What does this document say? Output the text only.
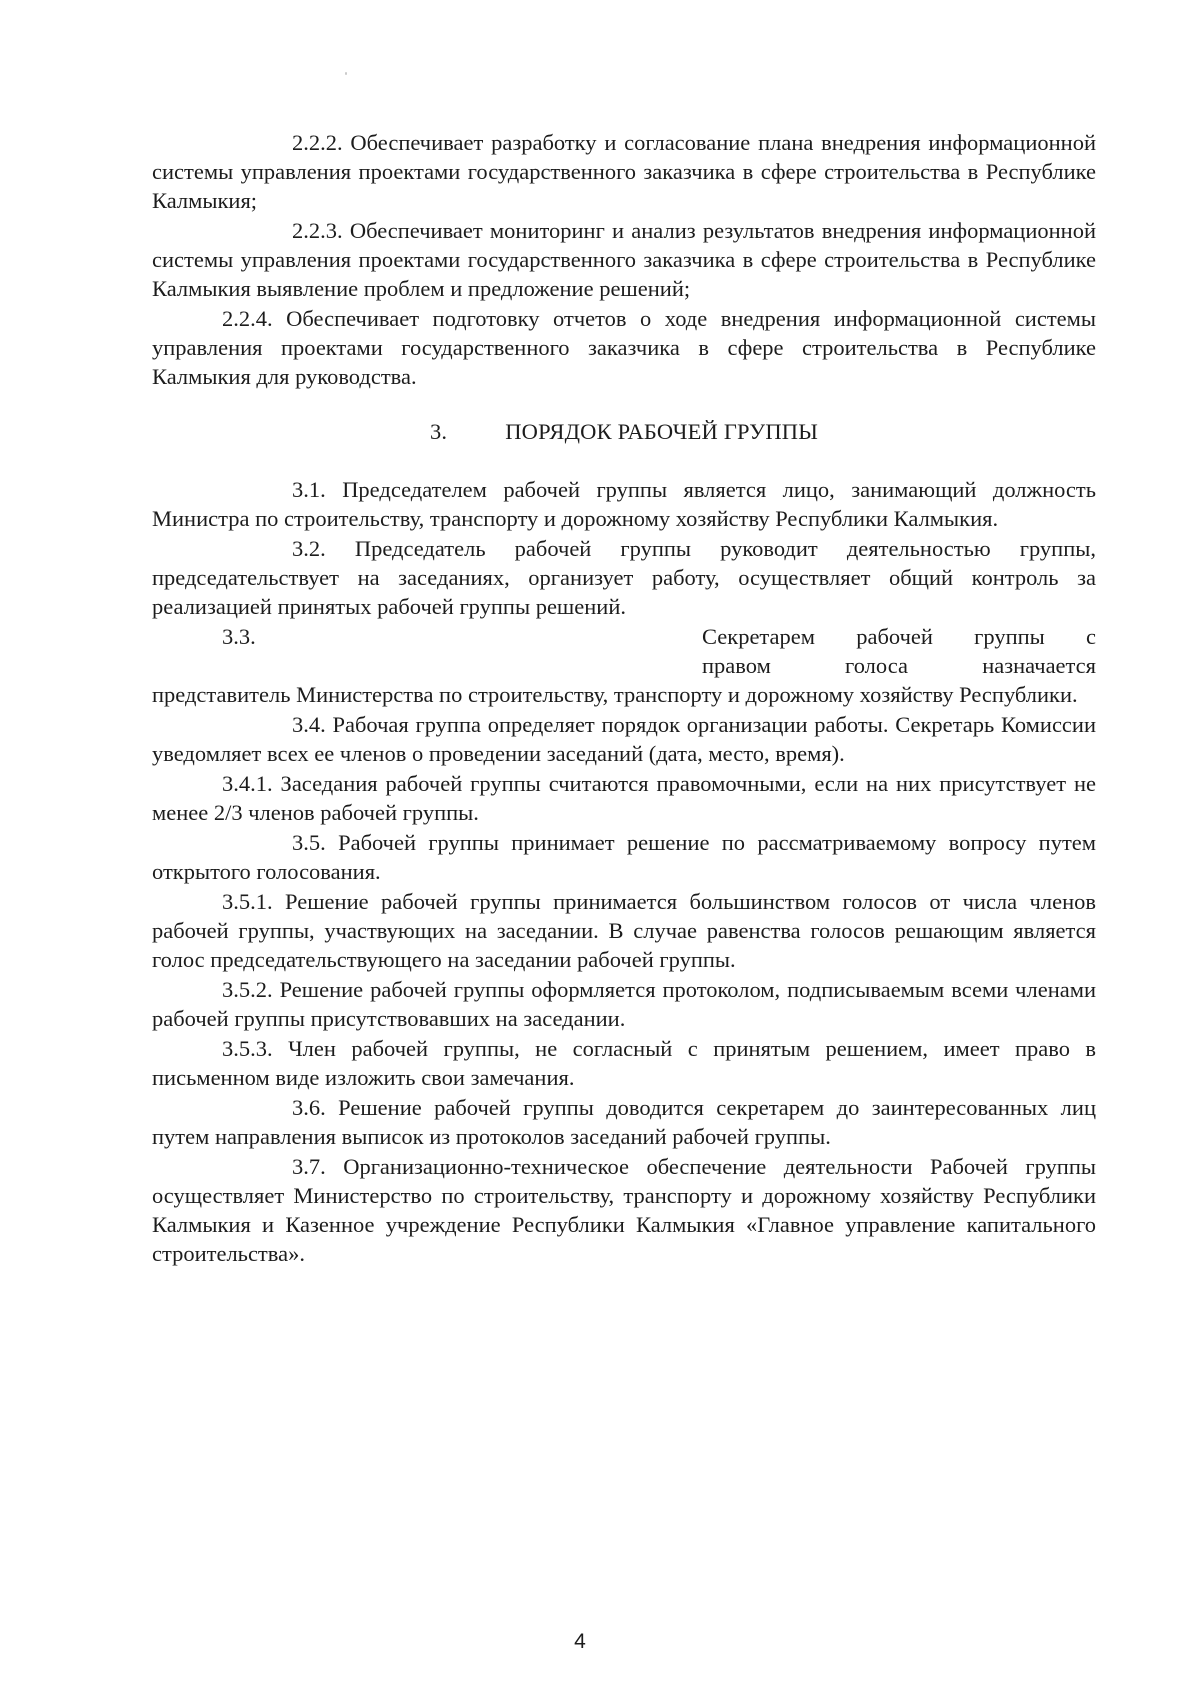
2.2.2. Обеспечивает разработку и согласование плана внедрения информационной системы управления проектами государственного заказчика в сфере строительства в Республике Калмыкия;

2.2.3. Обеспечивает мониторинг и анализ результатов внедрения информационной системы управления проектами государственного заказчика в сфере строительства в Республике Калмыкия выявление проблем и предложение решений;

2.2.4. Обеспечивает подготовку отчетов о ходе внедрения информационной системы управления проектами государственного заказчика в сфере строительства в Республике Калмыкия для руководства.

3.	ПОРЯДОК РАБОЧЕЙ ГРУППЫ

3.1. Председателем рабочей группы является лицо, занимающий должность Министра по строительству, транспорту и дорожному хозяйству Республики Калмыкия.

3.2. Председатель рабочей группы руководит деятельностью группы, председательствует на заседаниях, организует работу, осуществляет общий контроль за реализацией принятых рабочей группы решений.

3.3.	Секретарем рабочей группы с
правом голоса назначается
представитель Министерства по строительству, транспорту и дорожному хозяйству Республики.

3.4. Рабочая группа определяет порядок организации работы. Секретарь Комиссии уведомляет всех ее членов о проведении заседаний (дата, место, время).

3.4.1. Заседания рабочей группы считаются правомочными, если на них присутствует не менее 2/3 членов рабочей группы.

3.5. Рабочей группы принимает решение по рассматриваемому вопросу путем открытого голосования.

3.5.1. Решение рабочей группы принимается большинством голосов от числа членов рабочей группы, участвующих на заседании. В случае равенства голосов решающим является голос председательствующего на заседании рабочей группы.

3.5.2. Решение рабочей группы оформляется протоколом, подписываемым всеми членами рабочей группы присутствовавших на заседании.

3.5.3. Член рабочей группы, не согласный с принятым решением, имеет право в письменном виде изложить свои замечания.

3.6. Решение рабочей группы доводится секретарем до заинтересованных лиц путем направления выписок из протоколов заседаний рабочей группы.

3.7. Организационно-техническое обеспечение деятельности Рабочей группы осуществляет Министерство по строительству, транспорту и дорожному хозяйству Республики Калмыкия и Казенное учреждение Республики Калмыкия «Главное управление капитального строительства».

4
